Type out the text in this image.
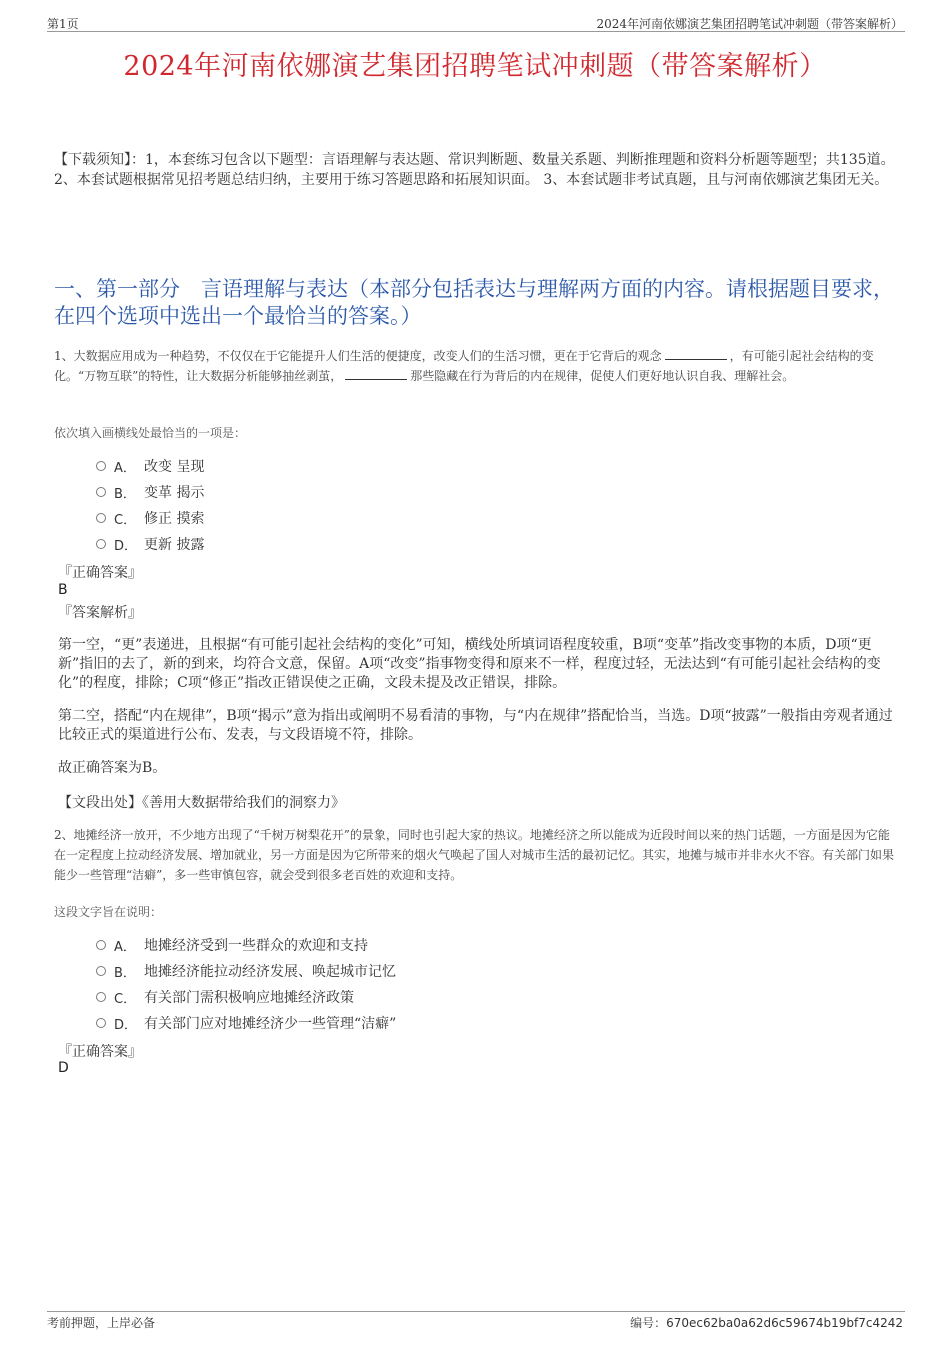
第1页	2024年河南依娜演艺集团招聘笔试冲刺题（带答案解析）
2024年河南依娜演艺集团招聘笔试冲刺题（带答案解析）
【下载须知】：1，本套练习包含以下题型：言语理解与表达题、常识判断题、数量关系题、判断推理题和资料分析题等题型；共135道。 2、本套试题根据常见招考题总结归纳，主要用于练习答题思路和拓展知识面。 3、本套试题非考试真题，且与河南依娜演艺集团无关。
一、第一部分　言语理解与表达（本部分包括表达与理解两方面的内容。请根据题目要求，在四个选项中选出一个最恰当的答案。）
1、大数据应用成为一种趋势，不仅仅在于它能提升人们生活的便捷度，改变人们的生活习惯，更在于它背后的观念	，有可能引起社会结构的变化。“万物互联”的特性，让大数据分析能够抽丝剥茧，	那些隐藏在行为背后的内在规律，促使人们更好地认识自我、理解社会。
依次填入画横线处最恰当的一项是：
A． 改变 呈现
B． 变革 揭示
C． 修正 摸索
D． 更新 披露
『正确答案』
B
『答案解析』
第一空，“更”表递进，且根据“有可能引起社会结构的变化”可知，横线处所填词语程度较重，B项“变革”指改变事物的本质，D项“更新”指旧的去了，新的到来，均符合文意，保留。A项“改变”指事物变得和原来不一样，程度过轻，无法达到“有可能引起社会结构的变化”的程度，排除；C项“修正”指改正错误使之正确，文段未提及改正错误，排除。
第二空，搭配“内在规律”，B项“揭示”意为指出或阐明不易看清的事物，与“内在规律”搭配恰当，当选。D项“披露”一般指由旁观者通过比较正式的渠道进行公布、发表，与文段语境不符，排除。
故正确答案为B。
【文段出处】《善用大数据带给我们的洞察力》
2、地摊经济一放开，不少地方出现了“千树万树梨花开”的景象，同时也引起大家的热议。地摊经济之所以能成为近段时间以来的热门话题，一方面是因为它能在一定程度上拉动经济发展、增加就业，另一方面是因为它所带来的烟火气唤起了国人对城市生活的最初记忆。其实，地摊与城市并非水火不容。有关部门如果能少一些管理“洁癖”，多一些审慎包容，就会受到很多老百姓的欢迎和支持。
这段文字旨在说明：
A． 地摊经济受到一些群众的欢迎和支持
B． 地摊经济能拉动经济发展、唤起城市记忆
C． 有关部门需积极响应地摊经济政策
D． 有关部门应对地摊经济少一些管理“洁癖”
『正确答案』
D
考前押题，上岸必备	编号：670ec62ba0a62d6c59674b19bf7c4242
